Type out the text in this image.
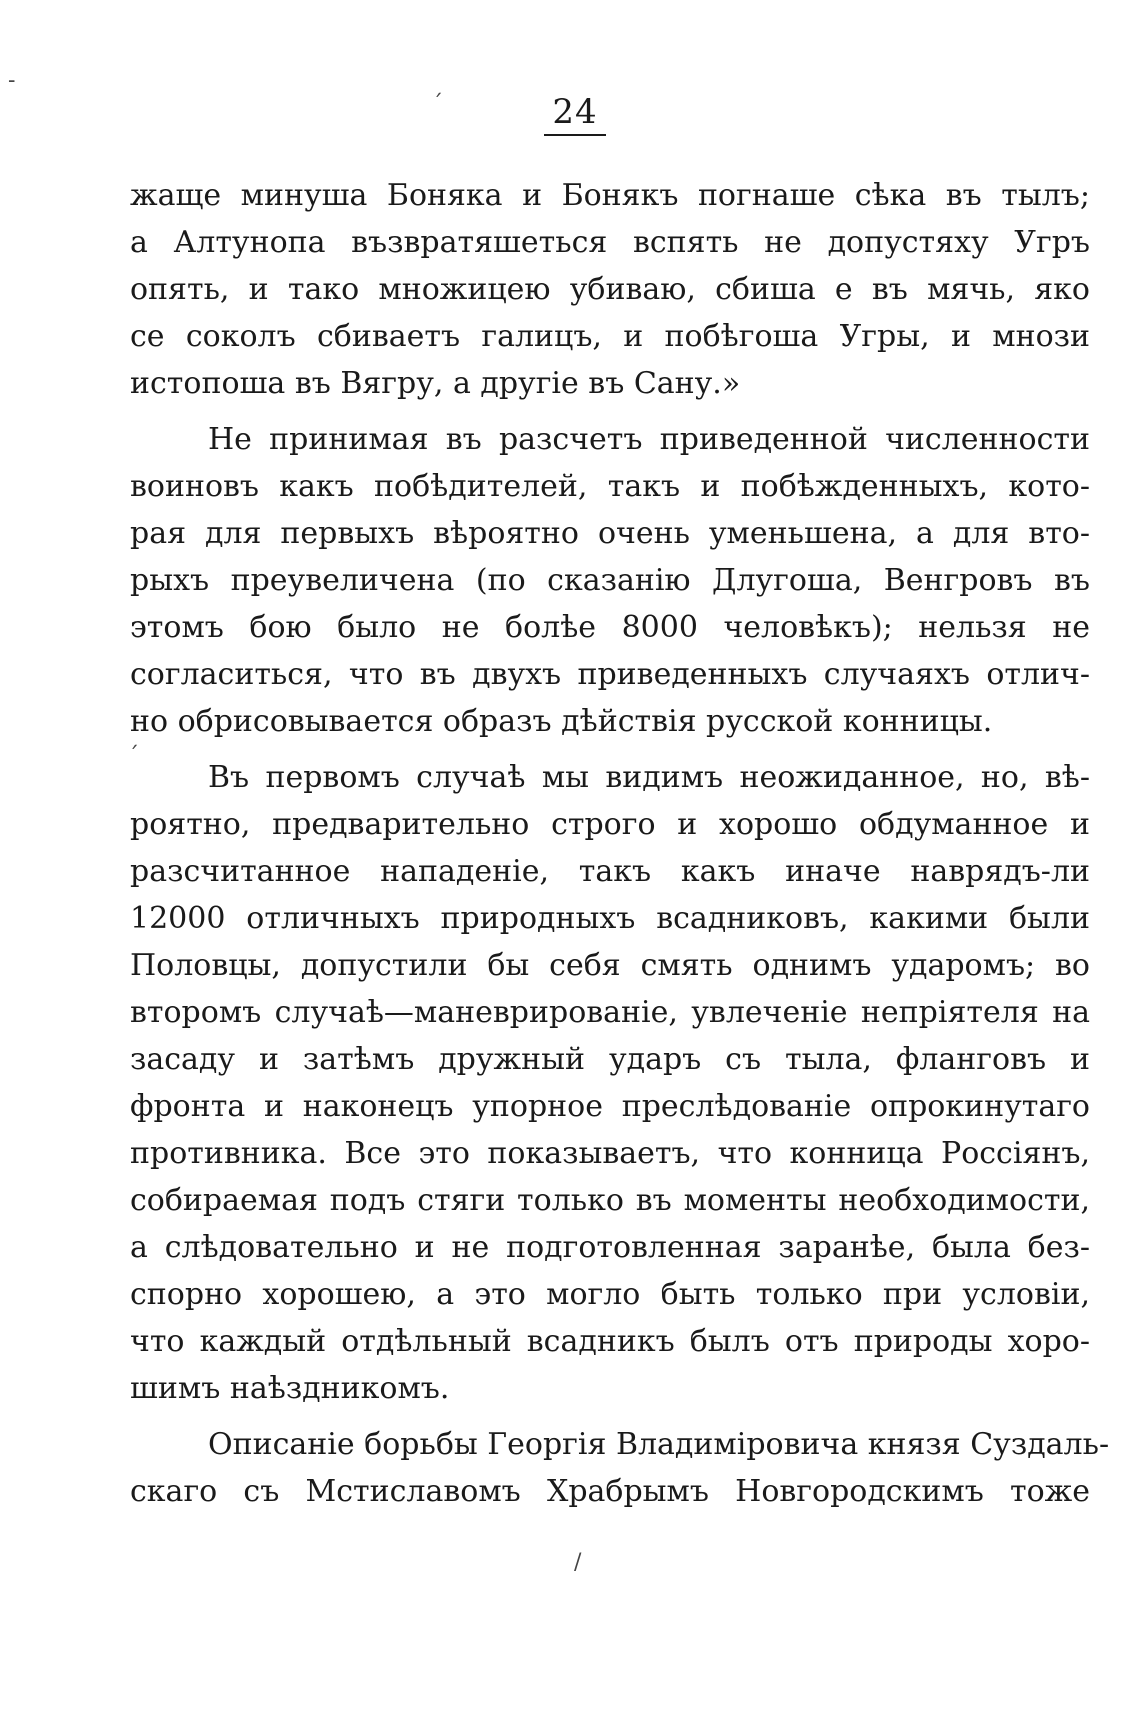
24
жаще минуша Боняка и Бонякъ погнаше сѣка въ тылъ;
а Алтунопа възвратяшеться вспять не допустяху Угръ
опять, и тако множицею убиваю, сбиша е въ мячь, яко
се соколъ сбиваетъ галицъ, и побѣгоша Угры, и мнози
истопоша въ Вягру, а другіе въ Сану.»
Не принимая въ разсчетъ приведенной численности
воиновъ какъ побѣдителей, такъ и побѣжденныхъ, кото-
рая для первыхъ вѣроятно очень уменьшена, а для вто-
рыхъ преувеличена (по сказанію Длугоша, Венгровъ въ
этомъ бою было не болѣе 8000 человѣкъ); нельзя не
согласиться, что въ двухъ приведенныхъ случаяхъ отлич-
но обрисовывается образъ дѣйствія русской конницы.
Въ первомъ случаѣ мы видимъ неожиданное, но, вѣ-
роятно, предварительно строго и хорошо обдуманное и
разсчитанное нападеніе, такъ какъ иначе наврядъ-ли
12000 отличныхъ природныхъ всадниковъ, какими были
Половцы, допустили бы себя смять однимъ ударомъ; во
второмъ случаѣ—маневрированіе, увлеченіе непріятеля на
засаду и затѣмъ дружный ударъ съ тыла, фланговъ и
фронта и наконецъ упорное преслѣдованіе опрокинутаго
противника. Все это показываетъ, что конница Россіянъ,
собираемая подъ стяги только въ моменты необходимости,
а слѣдовательно и не подготовленная заранѣе, была без-
спорно хорошею, а это могло быть только при условіи,
что каждый отдѣльный всадникъ былъ отъ природы хоро-
шимъ наѣздникомъ.
Описаніе борьбы Георгія Владиміровича князя Суздаль-
скаго съ Мстиславомъ Храбрымъ Новгородскимъ тоже
-
´
´
/
